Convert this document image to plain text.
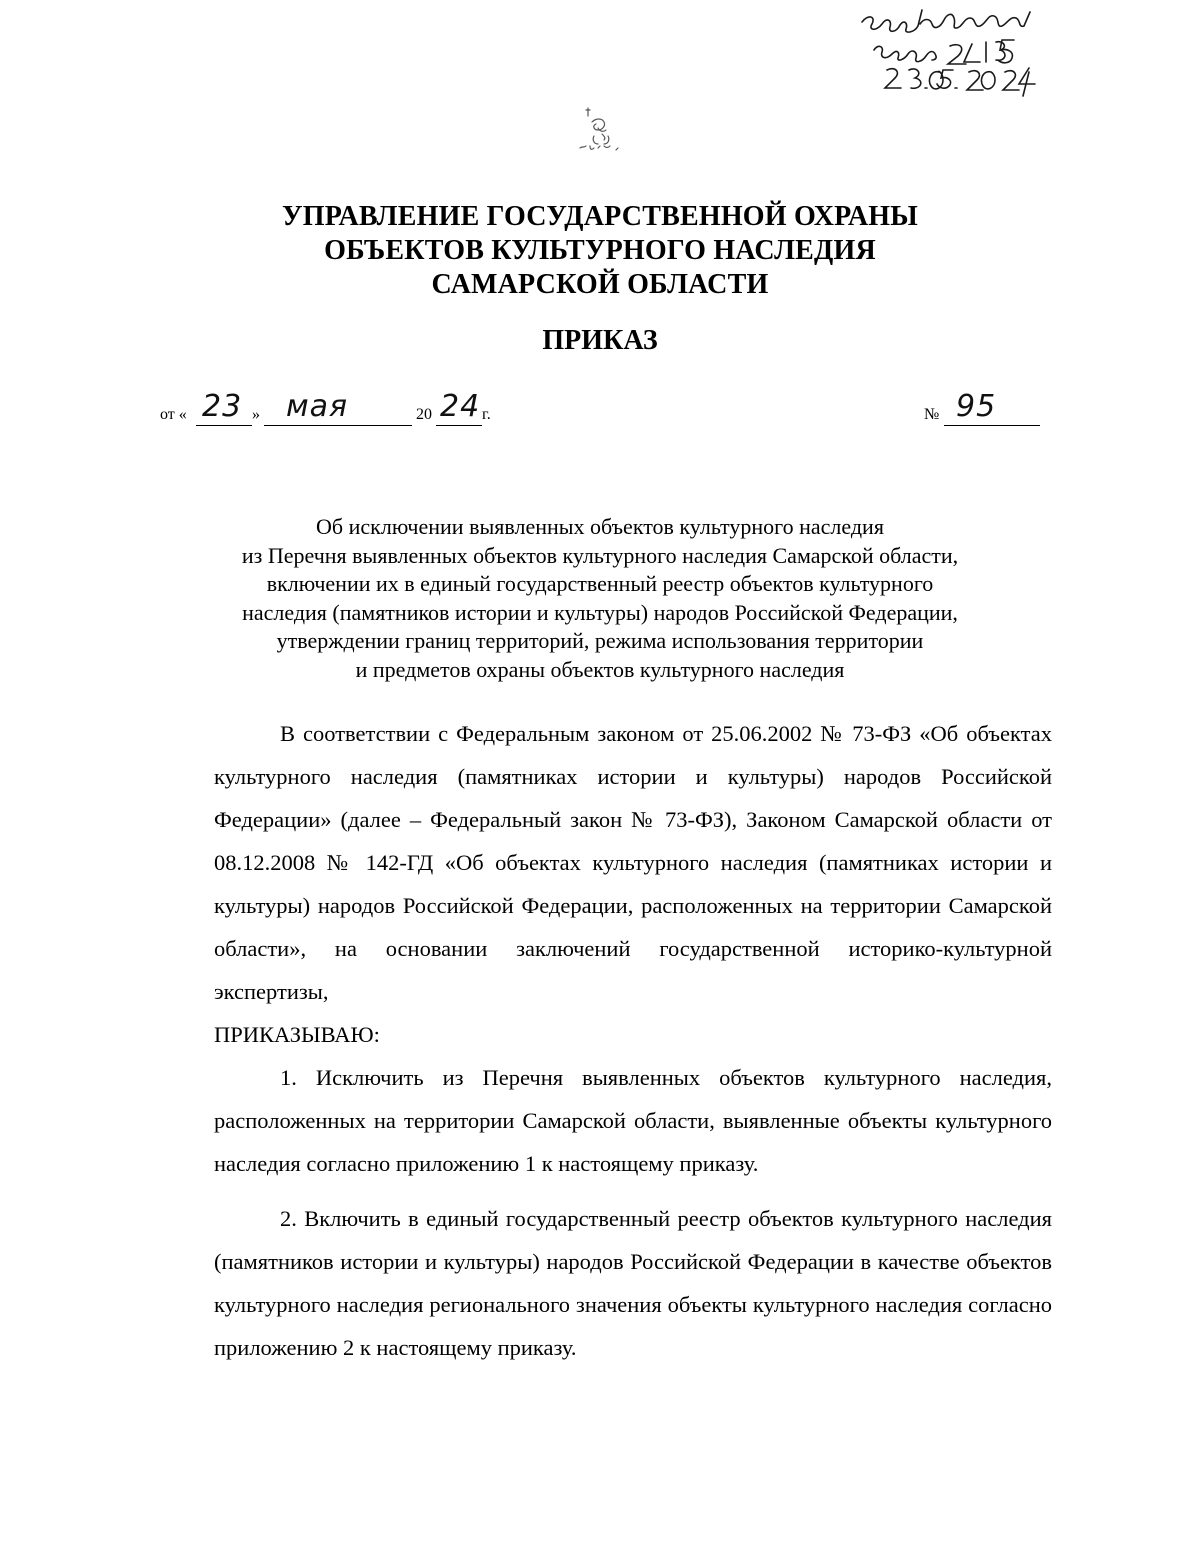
УПРАВЛЕНИЕ ГОСУДАРСТВЕННОЙ ОХРАНЫ
ОБЪЕКТОВ КУЛЬТУРНОГО НАСЛЕДИЯ
САМАРСКОЙ ОБЛАСТИ
ПРИКАЗ
от « 23 » мая	20 24 г.	№ 95
Об исключении выявленных объектов культурного наследия
из Перечня выявленных объектов культурного наследия Самарской области,
включении их в единый государственный реестр объектов культурного
наследия (памятников истории и культуры) народов Российской Федерации,
утверждении границ территорий, режима использования территории
и предметов охраны объектов культурного наследия

В соответствии с Федеральным законом от 25.06.2002 № 73-ФЗ «Об объектах культурного наследия (памятниках истории и культуры) народов Российской Федерации» (далее – Федеральный закон № 73-ФЗ), Законом Самарской области от 08.12.2008 № 142-ГД «Об объектах культурного наследия (памятниках истории и культуры) народов Российской Федерации, расположенных на территории Самарской области», на основании заключений государственной историко-культурной экспертизы,

ПРИКАЗЫВАЮ:

1. Исключить из Перечня выявленных объектов культурного наследия, расположенных на территории Самарской области, выявленные объекты культурного наследия согласно приложению 1 к настоящему приказу.

2. Включить в единый государственный реестр объектов культурного наследия (памятников истории и культуры) народов Российской Федерации в качестве объектов культурного наследия регионального значения объекты культурного наследия согласно приложению 2 к настоящему приказу.
